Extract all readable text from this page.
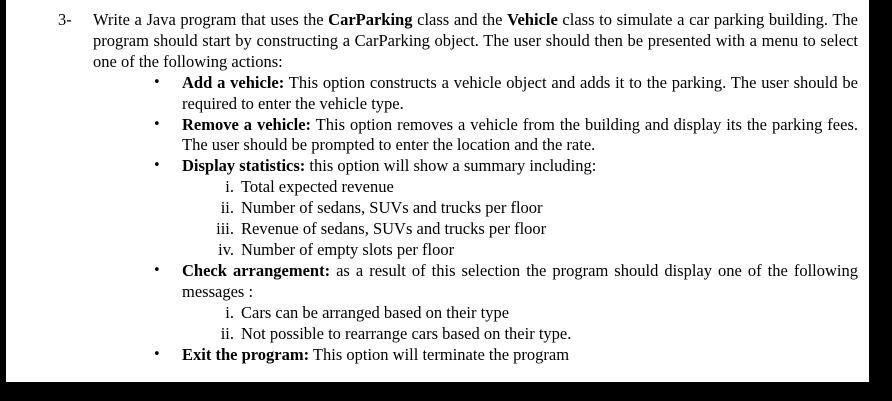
3- Write a Java program that uses the CarParking class and the Vehicle class to simulate a car parking building. The program should start by constructing a CarParking object. The user should then be presented with a menu to select one of the following actions:

• Add a vehicle: This option constructs a vehicle object and adds it to the parking. The user should be required to enter the vehicle type.
• Remove a vehicle: This option removes a vehicle from the building and display its the parking fees. The user should be prompted to enter the location and the rate.
• Display statistics: this option will show a summary including:
i. Total expected revenue
ii. Number of sedans, SUVs and trucks per floor
iii. Revenue of sedans, SUVs and trucks per floor
iv. Number of empty slots per floor
• Check arrangement: as a result of this selection the program should display one of the following messages :
i. Cars can be arranged based on their type
ii. Not possible to rearrange cars based on their type.
• Exit the program: This option will terminate the program
